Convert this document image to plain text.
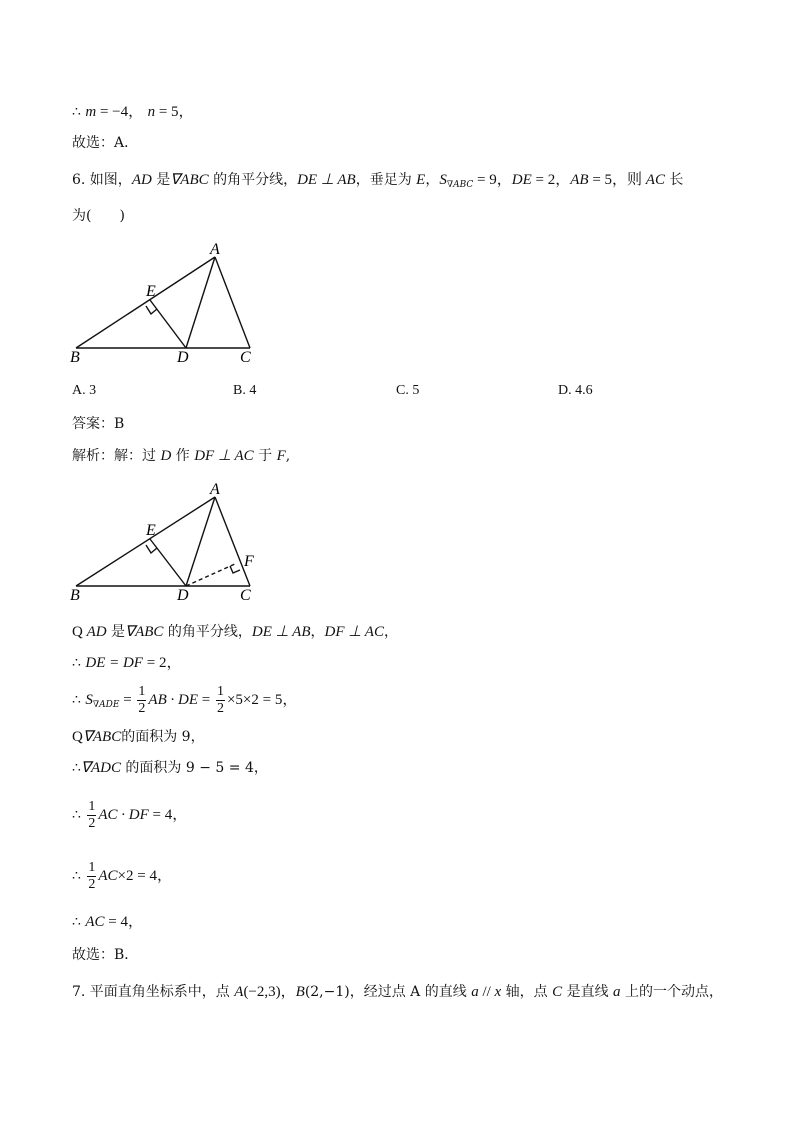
∴ m = −4， n = 5，
故选：A．
6. 如图，AD 是∇ABC 的角平分线，DE ⊥ AB，垂足为 E，$S_{\nabla ABC} = 9$，DE = 2，AB = 5，则 AC 长
为(　　)
A
B	C
D
E
A. 3	B. 4	C. 5	D. 4.6
答案：B
解析：解：过 D 作 DF ⊥ AC 于 F,
A
B	C
D
E
F
Q AD 是∇ABC 的角平分线，DE ⊥ AB，DF ⊥ AC，
∴ DE = DF = 2，
∴ $S_{\nabla ADE} = \frac{1}{2}$ AB · DE = $\frac{1}{2} \times 5\times 2 = 5$，
Q∇ABC的面积为 9，
∴∇ADC 的面积为 9 − 5 = 4，
∴ $\frac{1}{2}$ AC · DF = 4，
∴ $\frac{1}{2} AC\times 2 = 4$，
∴ AC = 4，
故选：B．
7. 平面直角坐标系中，点 A(−2,3)，B(2,−1)，经过点 A 的直线 a // x 轴，点 C 是直线 a 上的一个动点，
